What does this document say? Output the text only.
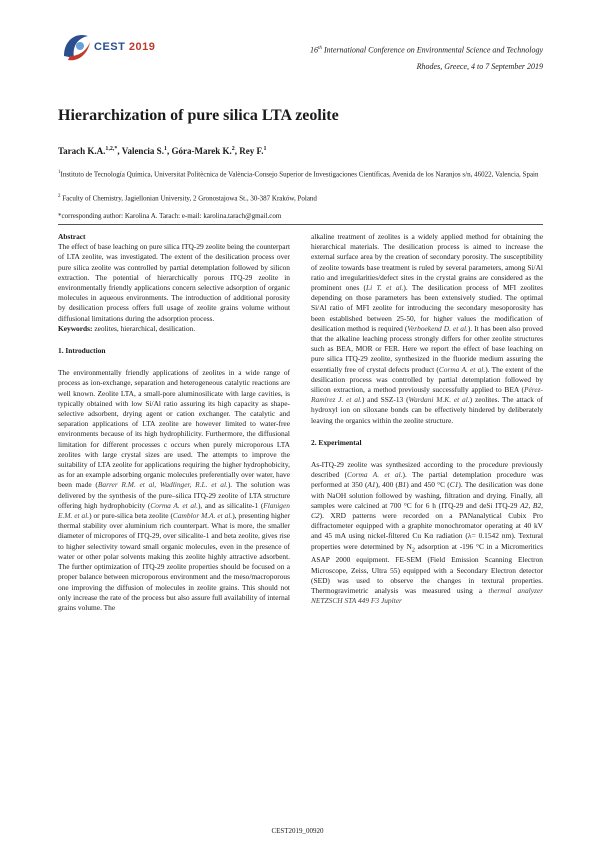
CEST 2019	16th International Conference on Environmental Science and Technology
Rhodes, Greece, 4 to 7 September 2019
Hierarchization of pure silica LTA zeolite
Tarach K.A.$^{1,2,*}$, Valencia S.$^1$, Góra-Marek K.$^2$, Rey F.$^1$
$^1$Instituto de Tecnología Química, Universitat Politècnica de València-Consejo Superior de Investigaciones Científicas, Avenida de los Naranjos s/n, 46022, Valencia, Spain
$^2$ Faculty of Chemistry, Jagiellonian University, 2 Gronostajowa St., 30-387 Kraków, Poland
*corresponding author: Karolina A. Tarach: e-mail: karolina.tarach@gmail.com

Abstract

The effect of base leaching on pure silica ITQ-29 zeolite being the counterpart of LTA zeolite, was investigated. The extent of the desilication process over pure silica zeolite was controlled by partial detemplation followed by silicon extraction. The potential of hierarchically porous ITQ-29 zeolite in environmentally friendly applications concern selective adsorption of organic molecules in aqueous environments. The introduction of additional porosity by desilication process offers full usage of zeolite grains volume without diffusional limitations during the adsorption process.

Keywords: zeolites, hierarchical, desilication.

1. Introduction

The environmentally friendly applications of zeolites in a wide range of process as ion-exchange, separation and heterogeneous catalytic reactions are well known. Zeolite LTA, a small-pore aluminosilicate with large cavities, is typically obtained with low Si/Al ratio assuring its high capacity as shape-selective adsorbent, drying agent or cation exchanger. The catalytic and separation applications of LTA zeolite are however limited to water-free environments because of its high hydrophilicity. Furthermore, the diffusional limitation for different processes c occurs when purely microporous LTA zeolites with large crystal sizes are used. The attempts to improve the suitability of LTA zeolite for applications requiring the higher hydrophobicity, as for an example adsorbing organic molecules preferentially over water, have been made (Barrer R.M. et al, Wadlinger, R.L. et al.). The solution was delivered by the synthesis of the pure–silica ITQ-29 zeolite of LTA structure offering high hydrophobicity (Corma A. et al.), and as silicalite-1 (Flanigen E.M. et al.) or pure-silica beta zeolite (Camblor M.A. et al.), presenting higher thermal stability over aluminium rich counterpart. What is more, the smaller diameter of micropores of ITQ-29, over silicalite-1 and beta zeolite, gives rise to higher selectivity toward small organic molecules, even in the presence of water or other polar solvents making this zeolite highly attractive adsorbent. The further optimization of ITQ-29 zeolite properties should be focused on a proper balance between microporous environment and the meso/macroporous one improving the diffusion of molecules in zeolite grains. This should not only increase the rate of the process but also assure full availability of internal grains volume. The

alkaline treatment of zeolites is a widely applied method for obtaining the hierarchical materials. The desilication process is aimed to increase the external surface area by the creation of secondary porosity. The susceptibility of zeolite towards base treatment is ruled by several parameters, among Si/Al ratio and irregularities/defect sites in the crystal grains are considered as the prominent ones (Li T. et al.). The desilication process of MFI zeolites depending on those parameters has been extensively studied. The optimal Si/Al ratio of MFI zeolite for introducing the secondary mesoporosity has been established between 25-50, for higher values the modification of desilication method is required (Verboekend D. et al.). It has been also proved that the alkaline leaching process strongly differs for other zeolite structures such as BEA, MOR or FER. Here we report the effect of base leaching on pure silica ITQ-29 zeolite, synthesized in the fluoride medium assuring the essentially free of crystal defects product (Corma A. et al.). The extent of the desilication process was controlled by partial detemplation followed by silicon extraction, a method previously successfully applied to BEA (Pérez-Ramírez J. et al.) and SSZ-13 (Wardani M.K. et al.) zeolites. The attack of hydroxyl ion on siloxane bonds can be effectively hindered by deliberately leaving the organics within the zeolite structure.

2. Experimental

As-ITQ-29 zeolite was synthesized according to the procedure previously described (Corma A. et al.). The partial detemplation procedure was performed at 350 (A1), 400 (B1) and 450 °C (C1). The desilication was done with NaOH solution followed by washing, filtration and drying. Finally, all samples were calcined at 700 °C for 6 h (ITQ-29 and deSi ITQ-29 A2, B2, C2). XRD patterns were recorded on a PANanalytical Cubix Pro diffractometer equipped with a graphite monochromator operating at 40 kV and 45 mA using nickel-filtered Cu Kα radiation (λ= 0.1542 nm). Textural properties were determined by $N_2$ adsorption at -196 °C in a Micromeritics ASAP 2000 equipment. FE-SEM (Field Emission Scanning Electron Microscope, Zeiss, Ultra 55) equipped with a Secondary Electron detector (SED) was used to observe the changes in textural properties. Thermogravimetric analysis was measured using a thermal analyzer NETZSCH STA 449 F3 Jupiter

CEST2019_00920
